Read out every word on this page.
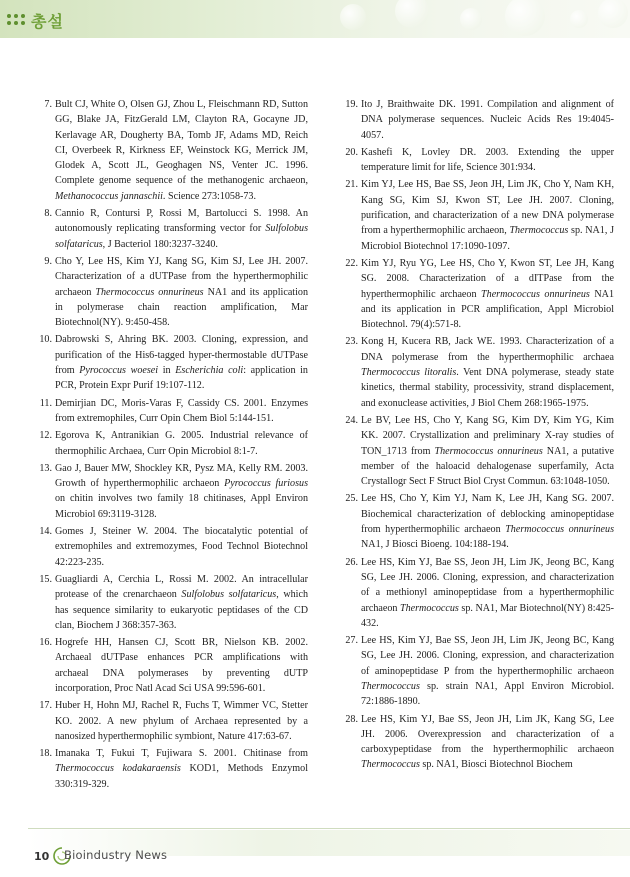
총설
7 . Bult CJ, White O, Olsen GJ, Zhou L, Fleischmann RD, Sutton GG, Blake JA, FitzGerald LM, Clayton RA, Gocayne JD, Kerlavage AR, Dougherty BA, Tomb JF, Adams MD, Reich CI, Overbeek R, Kirkness EF, Weinstock KG, Merrick JM, Glodek A, Scott JL, Geoghagen NS, Venter JC. 1996. Complete genome sequence of the methanogenic archaeon, Methanococcus jannaschii. Science 273:1058-73.
8 . Cannio R, Contursi P, Rossi M, Bartolucci S. 1998. An autonomously replicating transforming vector for Sulfolobus solfataricus, J Bacteriol 180:3237-3240.
9 . Cho Y, Lee HS, Kim YJ, Kang SG, Kim SJ, Lee JH. 2007. Characterization of a dUTPase from the hyperthermophilic archaeon Thermococcus onnurineus NA1 and its application in polymerase chain reaction amplification, Mar Biotechnol(NY). 9:450-458.
10 . Dabrowski S, Ahring BK. 2003. Cloning, expression, and purification of the His6-tagged hyper-thermostable dUTPase from Pyrococcus woesei in Escherichia coli: application in PCR, Protein Expr Purif 19:107-112.
11 . Demirjian DC, Moris-Varas F, Cassidy CS. 2001. Enzymes from extremophiles, Curr Opin Chem Biol 5:144-151.
12 . Egorova K, Antranikian G. 2005. Industrial relevance of thermophilic Archaea, Curr Opin Microbiol 8:1-7.
13 . Gao J, Bauer MW, Shockley KR, Pysz MA, Kelly RM. 2003. Growth of hyperthermophilic archaeon Pyrococcus furiosus on chitin involves two family 18 chitinases, Appl Environ Microbiol 69:3119-3128.
14 . Gomes J, Steiner W. 2004. The biocatalytic potential of extremophiles and extremozymes, Food Technol Biotechnol 42:223-235.
15 . Guagliardi A, Cerchia L, Rossi M. 2002. An intracellular protease of the crenarchaeon Sulfolobus solfataricus, which has sequence similarity to eukaryotic peptidases of the CD clan, Biochem J 368:357-363.
16 . Hogrefe HH, Hansen CJ, Scott BR, Nielson KB. 2002. Archaeal dUTPase enhances PCR amplifications with archaeal DNA polymerases by preventing dUTP incorporation, Proc Natl Acad Sci USA 99:596-601.
17 . Huber H, Hohn MJ, Rachel R, Fuchs T, Wimmer VC, Stetter KO. 2002. A new phylum of Archaea represented by a nanosized hyperthermophilic symbiont, Nature 417:63-67.
18 . Imanaka T, Fukui T, Fujiwara S. 2001. Chitinase from Thermococcus kodakaraensis KOD1, Methods Enzymol 330:319-329.
19 . Ito J, Braithwaite DK. 1991. Compilation and alignment of DNA polymerase sequences. Nucleic Acids Res 19:4045-4057.
20 . Kashefi K, Lovley DR. 2003. Extending the upper temperature limit for life, Science 301:934.
21 . Kim YJ, Lee HS, Bae SS, Jeon JH, Lim JK, Cho Y, Nam KH, Kang SG, Kim SJ, Kwon ST, Lee JH. 2007. Cloning, purification, and characterization of a new DNA polymerase from a hyperthermophilic archaeon, Thermococcus sp. NA1, J Microbiol Biotechnol 17:1090-1097.
22 . Kim YJ, Ryu YG, Lee HS, Cho Y, Kwon ST, Lee JH, Kang SG. 2008. Characterization of a dITPase from the hyperthermophilic archaeon Thermococcus onnurineus NA1 and its application in PCR amplification, Appl Microbiol Biotechnol. 79(4):571-8.
23 . Kong H, Kucera RB, Jack WE. 1993. Characterization of a DNA polymerase from the hyperthermophilic archaea Thermococcus litoralis. Vent DNA polymerase, steady state kinetics, thermal stability, processivity, strand displacement, and exonuclease activities, J Biol Chem 268:1965-1975.
24 . Le BV, Lee HS, Cho Y, Kang SG, Kim DY, Kim YG, Kim KK. 2007. Crystallization and preliminary X-ray studies of TON_1713 from Thermococcus onnurineus NA1, a putative member of the haloacid dehalogenase superfamily, Acta Crystallogr Sect F Struct Biol Cryst Commun. 63:1048-1050.
25 . Lee HS, Cho Y, Kim YJ, Nam K, Lee JH, Kang SG. 2007. Biochemical characterization of deblocking aminopeptidase from hyperthermophilic archaeon Thermococcus onnurineus NA1, J Biosci Bioeng. 104:188-194.
26 . Lee HS, Kim YJ, Bae SS, Jeon JH, Lim JK, Jeong BC, Kang SG, Lee JH. 2006. Cloning, expression, and characterization of a methionyl aminopeptidase from a hyperthermophilic archaeon Thermococcus sp. NA1, Mar Biotechnol(NY) 8:425-432.
27 . Lee HS, Kim YJ, Bae SS, Jeon JH, Lim JK, Jeong BC, Kang SG, Lee JH. 2006. Cloning, expression, and characterization of aminopeptidase P from the hyperthermophilic archaeon Thermococcus sp. strain NA1, Appl Environ Microbiol. 72:1886-1890.
28 . Lee HS, Kim YJ, Bae SS, Jeon JH, Lim JK, Kang SG, Lee JH. 2006. Overexpression and characterization of a carboxypeptidase from the hyperthermophilic archaeon Thermococcus sp. NA1, Biosci Biotechnol Biochem
10 Bioindustry News
